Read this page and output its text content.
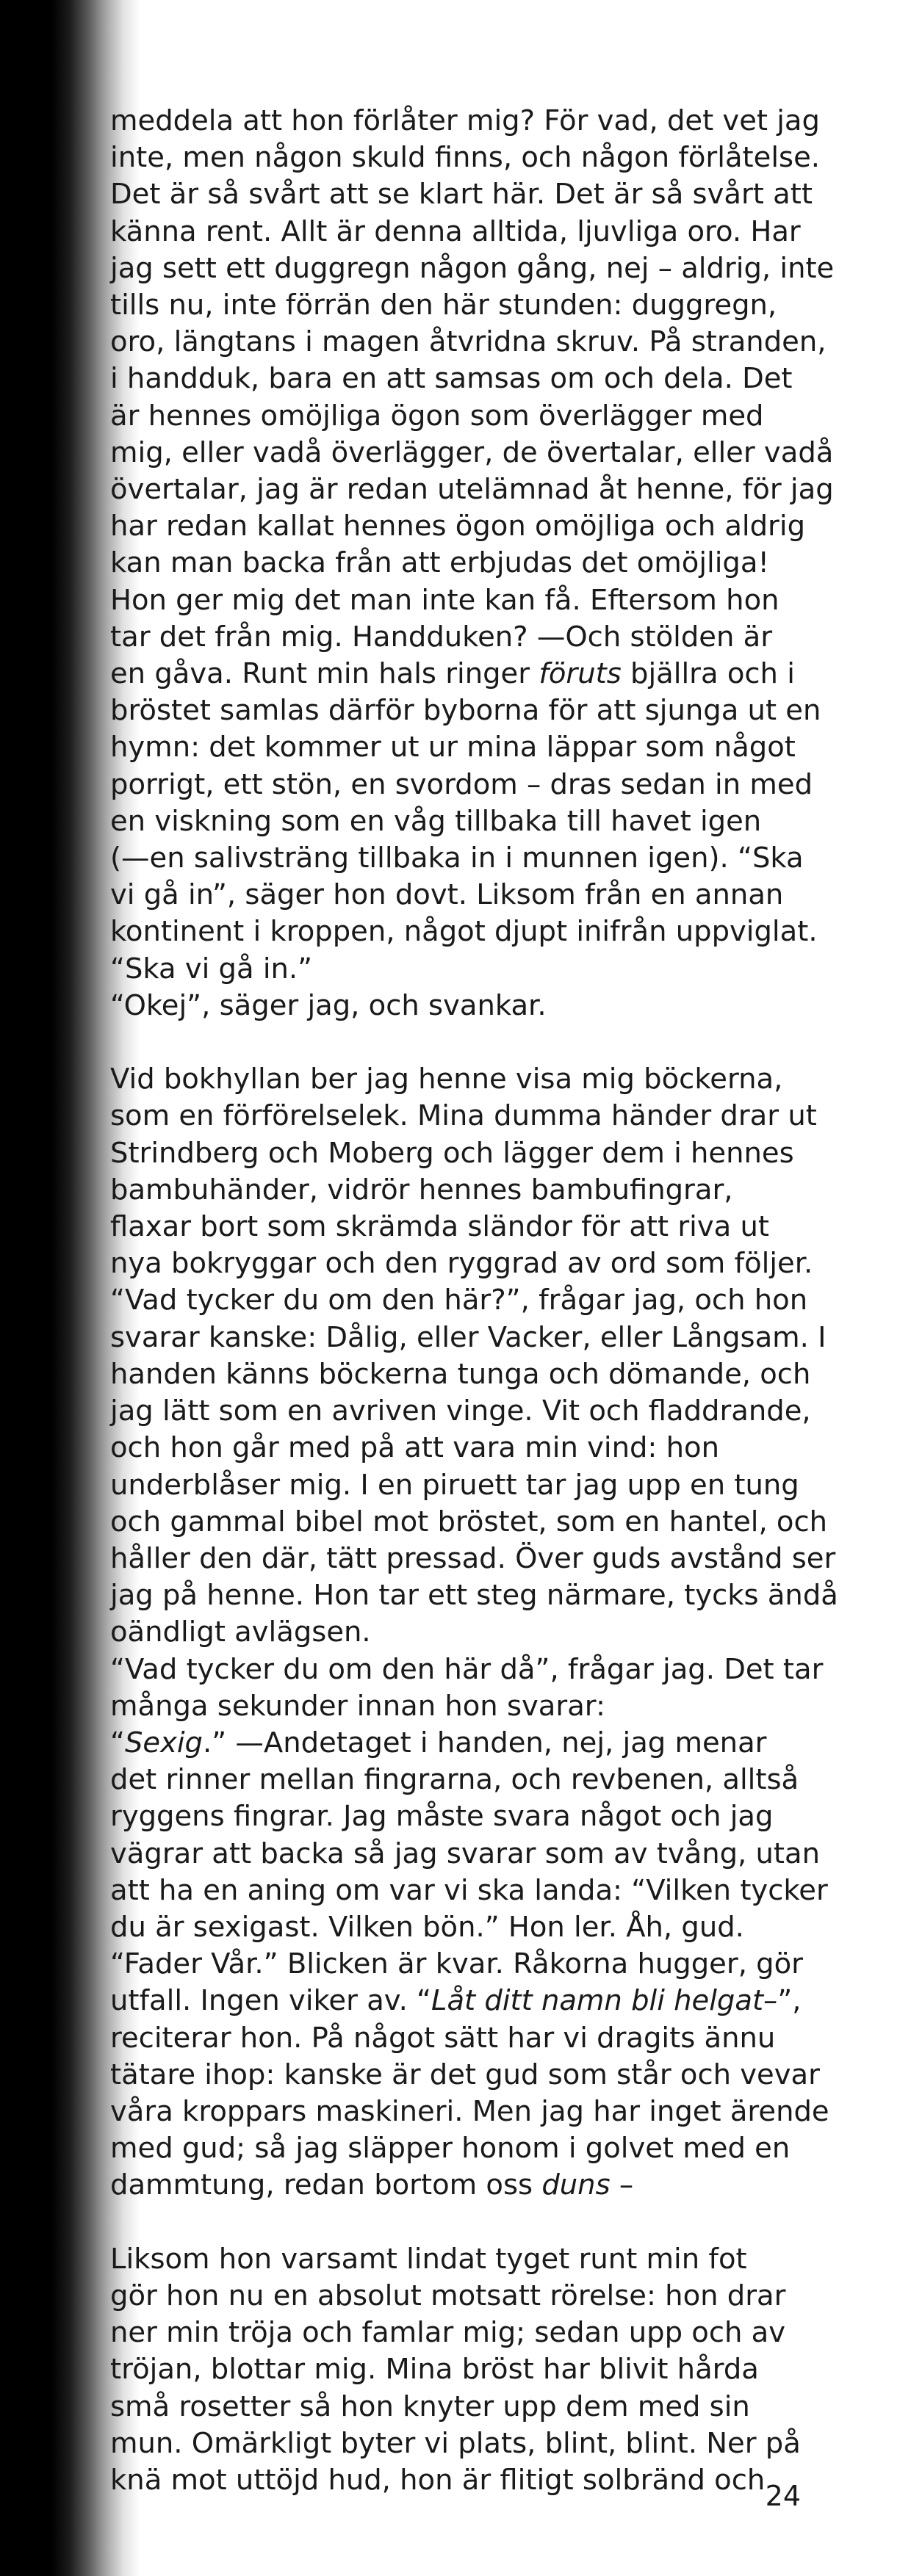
meddela att hon förlåter mig? För vad, det vet jag
inte, men någon skuld finns, och någon förlåtelse.
Det är så svårt att se klart här. Det är så svårt att
känna rent. Allt är denna alltida, ljuvliga oro. Har
jag sett ett duggregn någon gång, nej – aldrig, inte
tills nu, inte förrän den här stunden: duggregn,
oro, längtans i magen åtvridna skruv. På stranden,
i handduk, bara en att samsas om och dela. Det
är hennes omöjliga ögon som överlägger med
mig, eller vadå överlägger, de övertalar, eller vadå
övertalar, jag är redan utelämnad åt henne, för jag
har redan kallat hennes ögon omöjliga och aldrig
kan man backa från att erbjudas det omöjliga!
Hon ger mig det man inte kan få. Eftersom hon
tar det från mig. Handduken? —Och stölden är
en gåva. Runt min hals ringer föruts bjällra och i
bröstet samlas därför byborna för att sjunga ut en
hymn: det kommer ut ur mina läppar som något
porrigt, ett stön, en svordom – dras sedan in med
en viskning som en våg tillbaka till havet igen
(—en salivsträng tillbaka in i munnen igen). “Ska
vi gå in”, säger hon dovt. Liksom från en annan
kontinent i kroppen, något djupt inifrån uppviglat.
“Ska vi gå in.”
“Okej”, säger jag, och svankar.
Vid bokhyllan ber jag henne visa mig böckerna,
som en förförelselek. Mina dumma händer drar ut
Strindberg och Moberg och lägger dem i hennes
bambuhänder, vidrör hennes bambufingrar,
flaxar bort som skrämda sländor för att riva ut
nya bokryggar och den ryggrad av ord som följer.
“Vad tycker du om den här?”, frågar jag, och hon
svarar kanske: Dålig, eller Vacker, eller Långsam. I
handen känns böckerna tunga och dömande, och
jag lätt som en avriven vinge. Vit och fladdrande,
och hon går med på att vara min vind: hon
underblåser mig. I en piruett tar jag upp en tung
och gammal bibel mot bröstet, som en hantel, och
håller den där, tätt pressad. Över guds avstånd ser
jag på henne. Hon tar ett steg närmare, tycks ändå
oändligt avlägsen.
“Vad tycker du om den här då”, frågar jag. Det tar
många sekunder innan hon svarar:
“Sexig.” —Andetaget i handen, nej, jag menar
det rinner mellan fingrarna, och revbenen, alltså
ryggens fingrar. Jag måste svara något och jag
vägrar att backa så jag svarar som av tvång, utan
att ha en aning om var vi ska landa: “Vilken tycker
du är sexigast. Vilken bön.” Hon ler. Åh, gud.
“Fader Vår.” Blicken är kvar. Råkorna hugger, gör
utfall. Ingen viker av. “Låt ditt namn bli helgat–”,
reciterar hon. På något sätt har vi dragits ännu
tätare ihop: kanske är det gud som står och vevar
våra kroppars maskineri. Men jag har inget ärende
med gud; så jag släpper honom i golvet med en
dammtung, redan bortom oss duns –
Liksom hon varsamt lindat tyget runt min fot
gör hon nu en absolut motsatt rörelse: hon drar
ner min tröja och famlar mig; sedan upp och av
tröjan, blottar mig. Mina bröst har blivit hårda
små rosetter så hon knyter upp dem med sin
mun. Omärkligt byter vi plats, blint, blint. Ner på
knä mot uttöjd hud, hon är flitigt solbränd och 24
